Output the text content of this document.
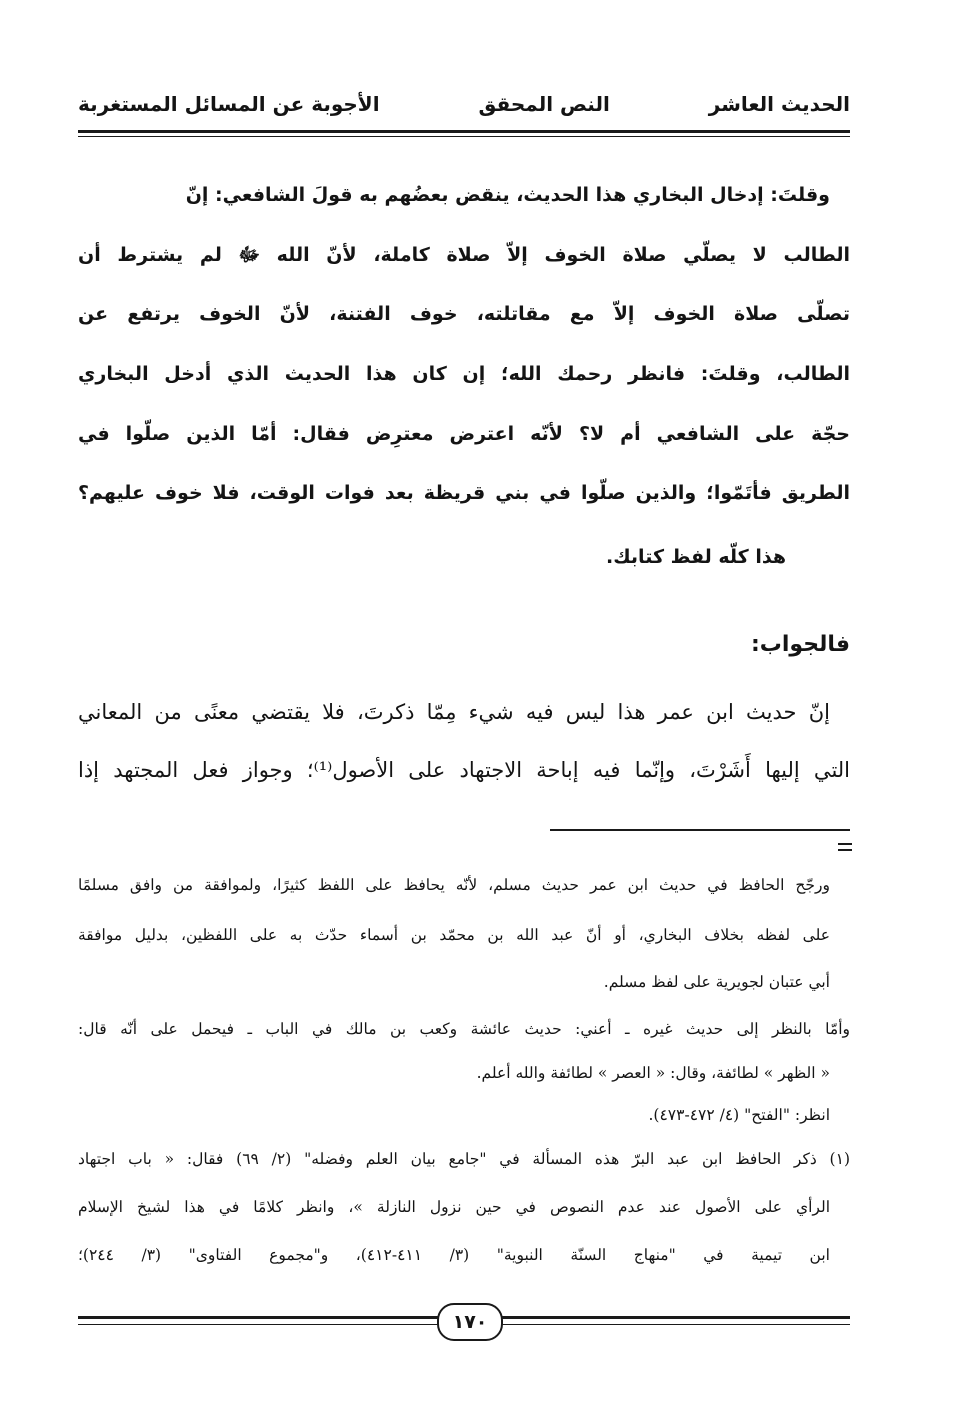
الحديث العاشر
النص المحقق
الأجوبة عن المسائل المستغربة
وقلتَ: إدخال البخاري هذا الحديث، ينقض بعضُهم به قولَ الشافعي: إنّ
الطالب لا يصلّي صلاة الخوف إلاّ صلاة كاملة، لأنّ الله ﷻ لم يشترط أن
تصلّى صلاة الخوف إلاّ مع مقاتلته، خوف الفتنة، لأنّ الخوف يرتفع عن
الطالب، وقلتَ: فانظر رحمك الله؛ إن كان هذا الحديث الذي أدخل البخاري
حجّة على الشافعي أم لا؟ لأنّه اعترض معترِض فقال: أمّا الذين صلّوا في
الطريق فأتَمّوا؛ والذين صلّوا في بني قريظة بعد فوات الوقت، فلا خوف عليهم؟
هذا كلّه لفظ كتابك.
فالجواب:
إنّ حديث ابن عمر هذا ليس فيه شيء مِمّا ذكرتَ، فلا يقتضي معنًى من المعاني
التي إليها أَشَرْتَ، وإنّما فيه إباحة الاجتهاد على الأصول⁽¹⁾؛ وجواز فعل المجتهد إذا
ورجّح الحافظ في حديث ابن عمر حديث مسلم، لأنّه يحافظ على اللفظ كثيرًا، ولموافقة من وافق مسلمًا
على لفظه بخلاف البخاري، أو أنّ عبد الله بن محمّد بن أسماء حدّث به على اللفظين، بدليل موافقة
أبي عتبان لجويرية على لفظ مسلم.
وأمّا بالنظر إلى حديث غيره ـ أعني: حديث عائشة وكعب بن مالك في الباب ـ فيحمل على أنّه قال:
« الظهر » لطائفة، وقال: « العصر » لطائفة والله أعلم.
انظر: "الفتح" (٤/ ٤٧٢-٤٧٣).
(١) ذكر الحافظ ابن عبد البرّ هذه المسألة في "جامع بيان العلم وفضله" (٢/ ٦٩) فقال: « باب اجتهاد
الرأي على الأصول عند عدم النصوص في حين نزول النازلة »، وانظر كلامًا في هذا لشيخ الإسلام
ابن تيمية في "منهاج السنّة النبوية" (٣/ ٤١١-٤١٢)، و"مجموع الفتاوى" (٣/ ٢٤٤)؛
١٧٠
